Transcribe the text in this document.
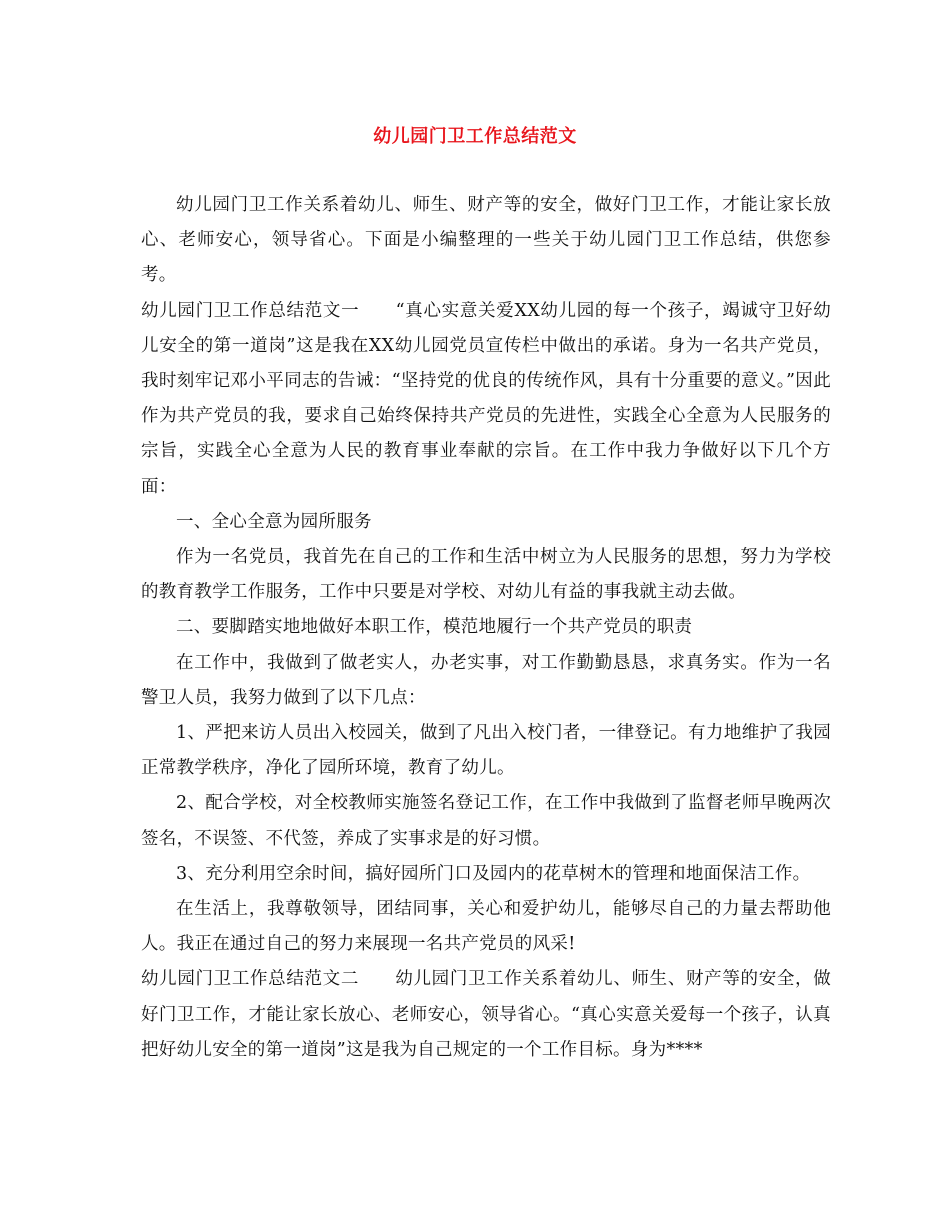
幼儿园门卫工作总结范文

幼儿园门卫工作关系着幼儿、师生、财产等的安全，做好门卫工作，才能让家长放心、老师安心，领导省心。下面是小编整理的一些关于幼儿园门卫工作总结，供您参考。

幼儿园门卫工作总结范文一　　“真心实意关爱XX幼儿园的每一个孩子，竭诚守卫好幼儿安全的第一道岗”这是我在XX幼儿园党员宣传栏中做出的承诺。身为一名共产党员，我时刻牢记邓小平同志的告诫：“坚持党的优良的传统作风，具有十分重要的意义。”因此作为共产党员的我，要求自己始终保持共产党员的先进性，实践全心全意为人民服务的宗旨，实践全心全意为人民的教育事业奉献的宗旨。在工作中我力争做好以下几个方面：

一、全心全意为园所服务

作为一名党员，我首先在自己的工作和生活中树立为人民服务的思想，努力为学校的教育教学工作服务，工作中只要是对学校、对幼儿有益的事我就主动去做。

二、要脚踏实地地做好本职工作，模范地履行一个共产党员的职责

在工作中，我做到了做老实人，办老实事，对工作勤勤恳恳，求真务实。作为一名警卫人员，我努力做到了以下几点：

1、严把来访人员出入校园关，做到了凡出入校门者，一律登记。有力地维护了我园正常教学秩序，净化了园所环境，教育了幼儿。

2、配合学校，对全校教师实施签名登记工作，在工作中我做到了监督老师早晚两次签名，不误签、不代签，养成了实事求是的好习惯。

3、充分利用空余时间，搞好园所门口及园内的花草树木的管理和地面保洁工作。

在生活上，我尊敬领导，团结同事，关心和爱护幼儿，能够尽自己的力量去帮助他人。我正在通过自己的努力来展现一名共产党员的风采!

幼儿园门卫工作总结范文二　　幼儿园门卫工作关系着幼儿、师生、财产等的安全，做好门卫工作，才能让家长放心、老师安心，领导省心。“真心实意关爱每一个孩子，认真把好幼儿安全的第一道岗”这是我为自己规定的一个工作目标。身为****
